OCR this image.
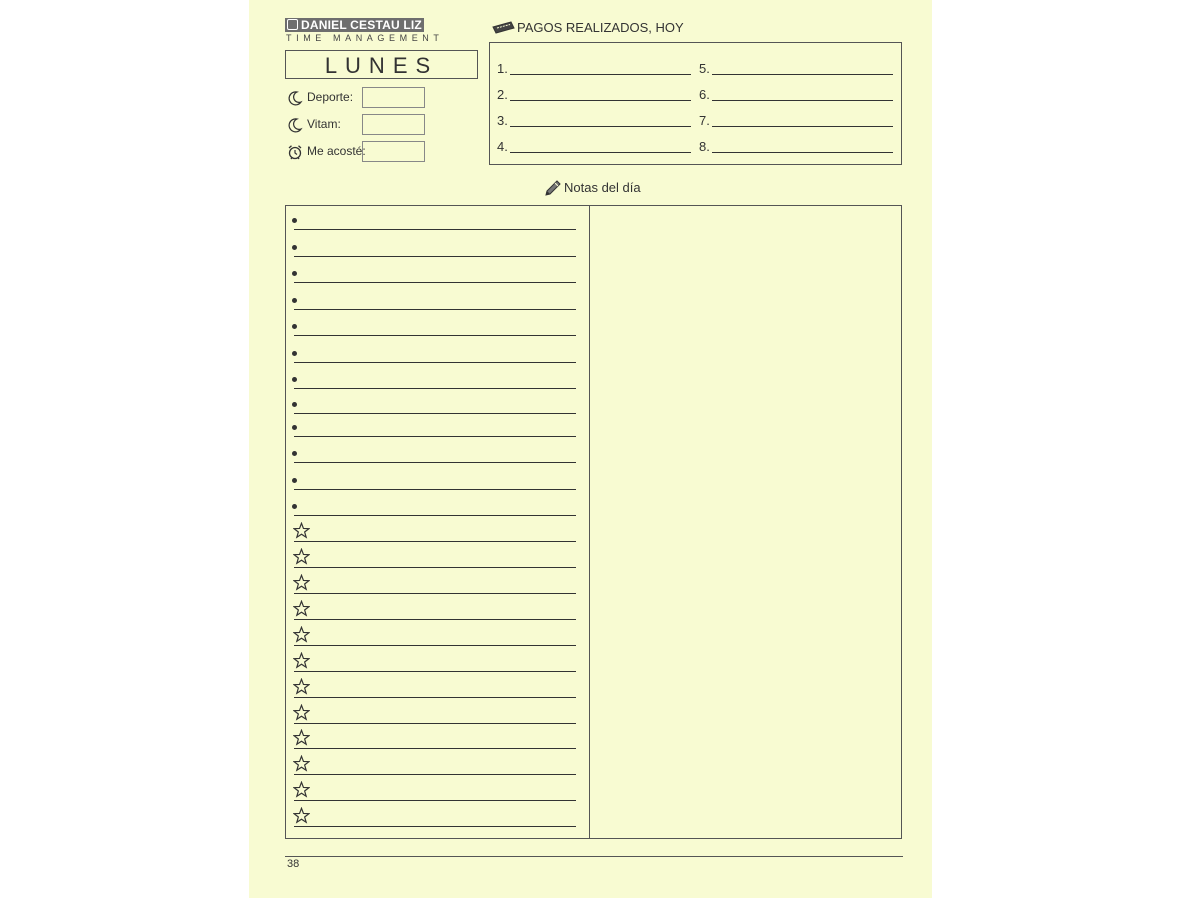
DANIEL CESTAU LIZ
TIME MANAGEMENT
LUNES
Deporte:
Vitam:
Me acosté:
PAGOS REALIZADOS, HOY
1.
2.
3.
4.
5.
6.
7.
8.
Notas del día
38
